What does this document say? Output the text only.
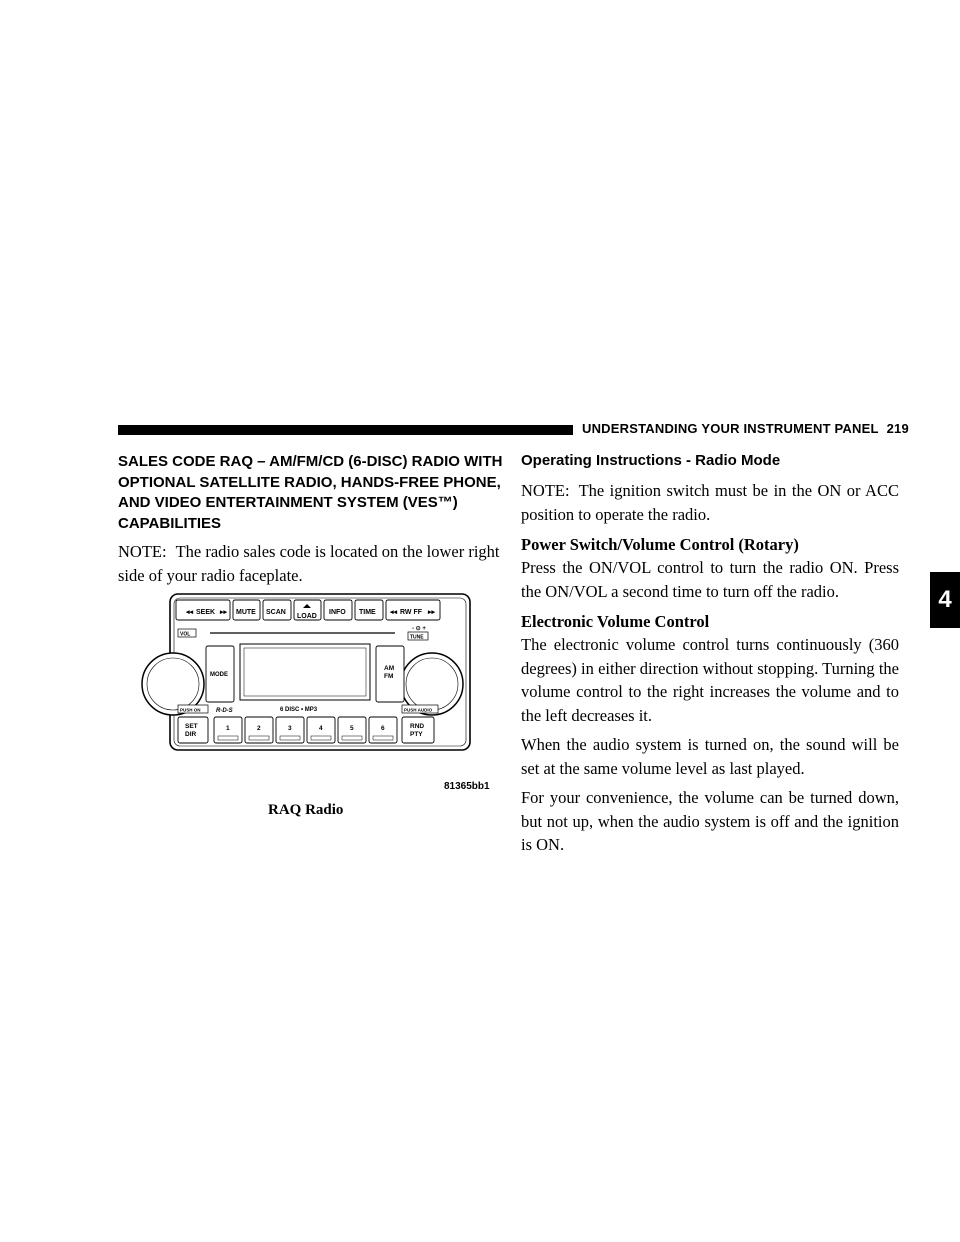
UNDERSTANDING YOUR INSTRUMENT PANEL 219
4
SALES CODE RAQ – AM/FM/CD (6-DISC) RADIO WITH OPTIONAL SATELLITE RADIO, HANDS-FREE PHONE, AND VIDEO ENTERTAINMENT SYSTEM (VES™) CAPABILITIES

NOTE: The radio sales code is located on the lower right side of your radio faceplate.

◂◂ SEEK ▸▸ MUTE SCAN
LOAD
INFO TIME ◂◂ RW FF ▸▸
VOL
- ⊙ +
TUNE
MODE
AM
FM
PUSH ON	R-D-S	6 DISC • MP3	PUSH AUDIO
SET
DIR
1	2	3	4	5	6	RND
PTY
81365bb1
RAQ Radio
Operating Instructions - Radio Mode

NOTE: The ignition switch must be in the ON or ACC position to operate the radio.

Power Switch/Volume Control (Rotary)

Press the ON/VOL control to turn the radio ON. Press the ON/VOL a second time to turn off the radio.

Electronic Volume Control

The electronic volume control turns continuously (360 degrees) in either direction without stopping. Turning the volume control to the right increases the volume and to the left decreases it.

When the audio system is turned on, the sound will be set at the same volume level as last played.

For your convenience, the volume can be turned down, but not up, when the audio system is off and the ignition is ON.
